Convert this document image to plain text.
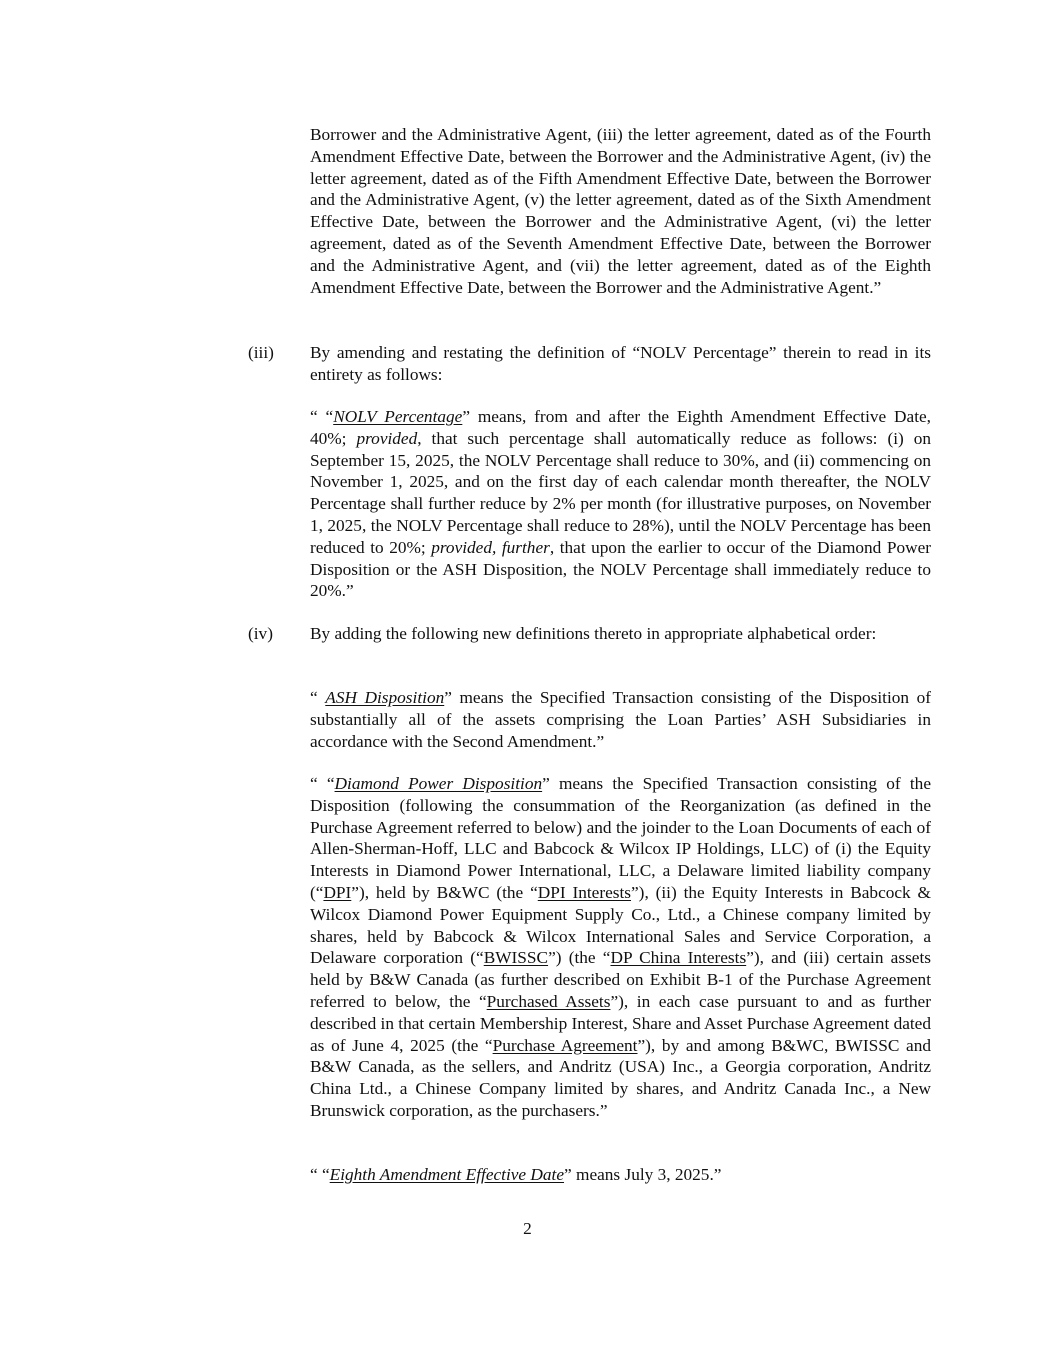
Borrower and the Administrative Agent, (iii) the letter agreement, dated as of the Fourth Amendment Effective Date, between the Borrower and the Administrative Agent, (iv) the letter agreement, dated as of the Fifth Amendment Effective Date, between the Borrower and the Administrative Agent, (v) the letter agreement, dated as of the Sixth Amendment Effective Date, between the Borrower and the Administrative Agent, (vi) the letter agreement, dated as of the Seventh Amendment Effective Date, between the Borrower and the Administrative Agent, and (vii) the letter agreement, dated as of the Eighth Amendment Effective Date, between the Borrower and the Administrative Agent.”

(iii) By amending and restating the definition of “NOLV Percentage” therein to read in its entirety as follows:

“ “NOLV Percentage” means, from and after the Eighth Amendment Effective Date, 40%; provided, that such percentage shall automatically reduce as follows: (i) on September 15, 2025, the NOLV Percentage shall reduce to 30%, and (ii) commencing on November 1, 2025, and on the first day of each calendar month thereafter, the NOLV Percentage shall further reduce by 2% per month (for illustrative purposes, on November 1, 2025, the NOLV Percentage shall reduce to 28%), until the NOLV Percentage has been reduced to 20%; provided, further, that upon the earlier to occur of the Diamond Power Disposition or the ASH Disposition, the NOLV Percentage shall immediately reduce to 20%.”

(iv) By adding the following new definitions thereto in appropriate alphabetical order:

“ ASH Disposition” means the Specified Transaction consisting of the Disposition of substantially all of the assets comprising the Loan Parties’ ASH Subsidiaries in accordance with the Second Amendment.”

“ “Diamond Power Disposition” means the Specified Transaction consisting of the Disposition (following the consummation of the Reorganization (as defined in the Purchase Agreement referred to below) and the joinder to the Loan Documents of each of Allen-Sherman-Hoff, LLC and Babcock & Wilcox IP Holdings, LLC) of (i) the Equity Interests in Diamond Power International, LLC, a Delaware limited liability company (“DPI”), held by B&WC (the “DPI Interests”), (ii) the Equity Interests in Babcock & Wilcox Diamond Power Equipment Supply Co., Ltd., a Chinese company limited by shares, held by Babcock & Wilcox International Sales and Service Corporation, a Delaware corporation (“BWISSC”) (the “DP China Interests”), and (iii) certain assets held by B&W Canada (as further described on Exhibit B-1 of the Purchase Agreement referred to below, the “Purchased Assets”), in each case pursuant to and as further described in that certain Membership Interest, Share and Asset Purchase Agreement dated as of June 4, 2025 (the “Purchase Agreement”), by and among B&WC, BWISSC and B&W Canada, as the sellers, and Andritz (USA) Inc., a Georgia corporation, Andritz China Ltd., a Chinese Company limited by shares, and Andritz Canada Inc., a New Brunswick corporation, as the purchasers.”

“ “Eighth Amendment Effective Date” means July 3, 2025.”

2
